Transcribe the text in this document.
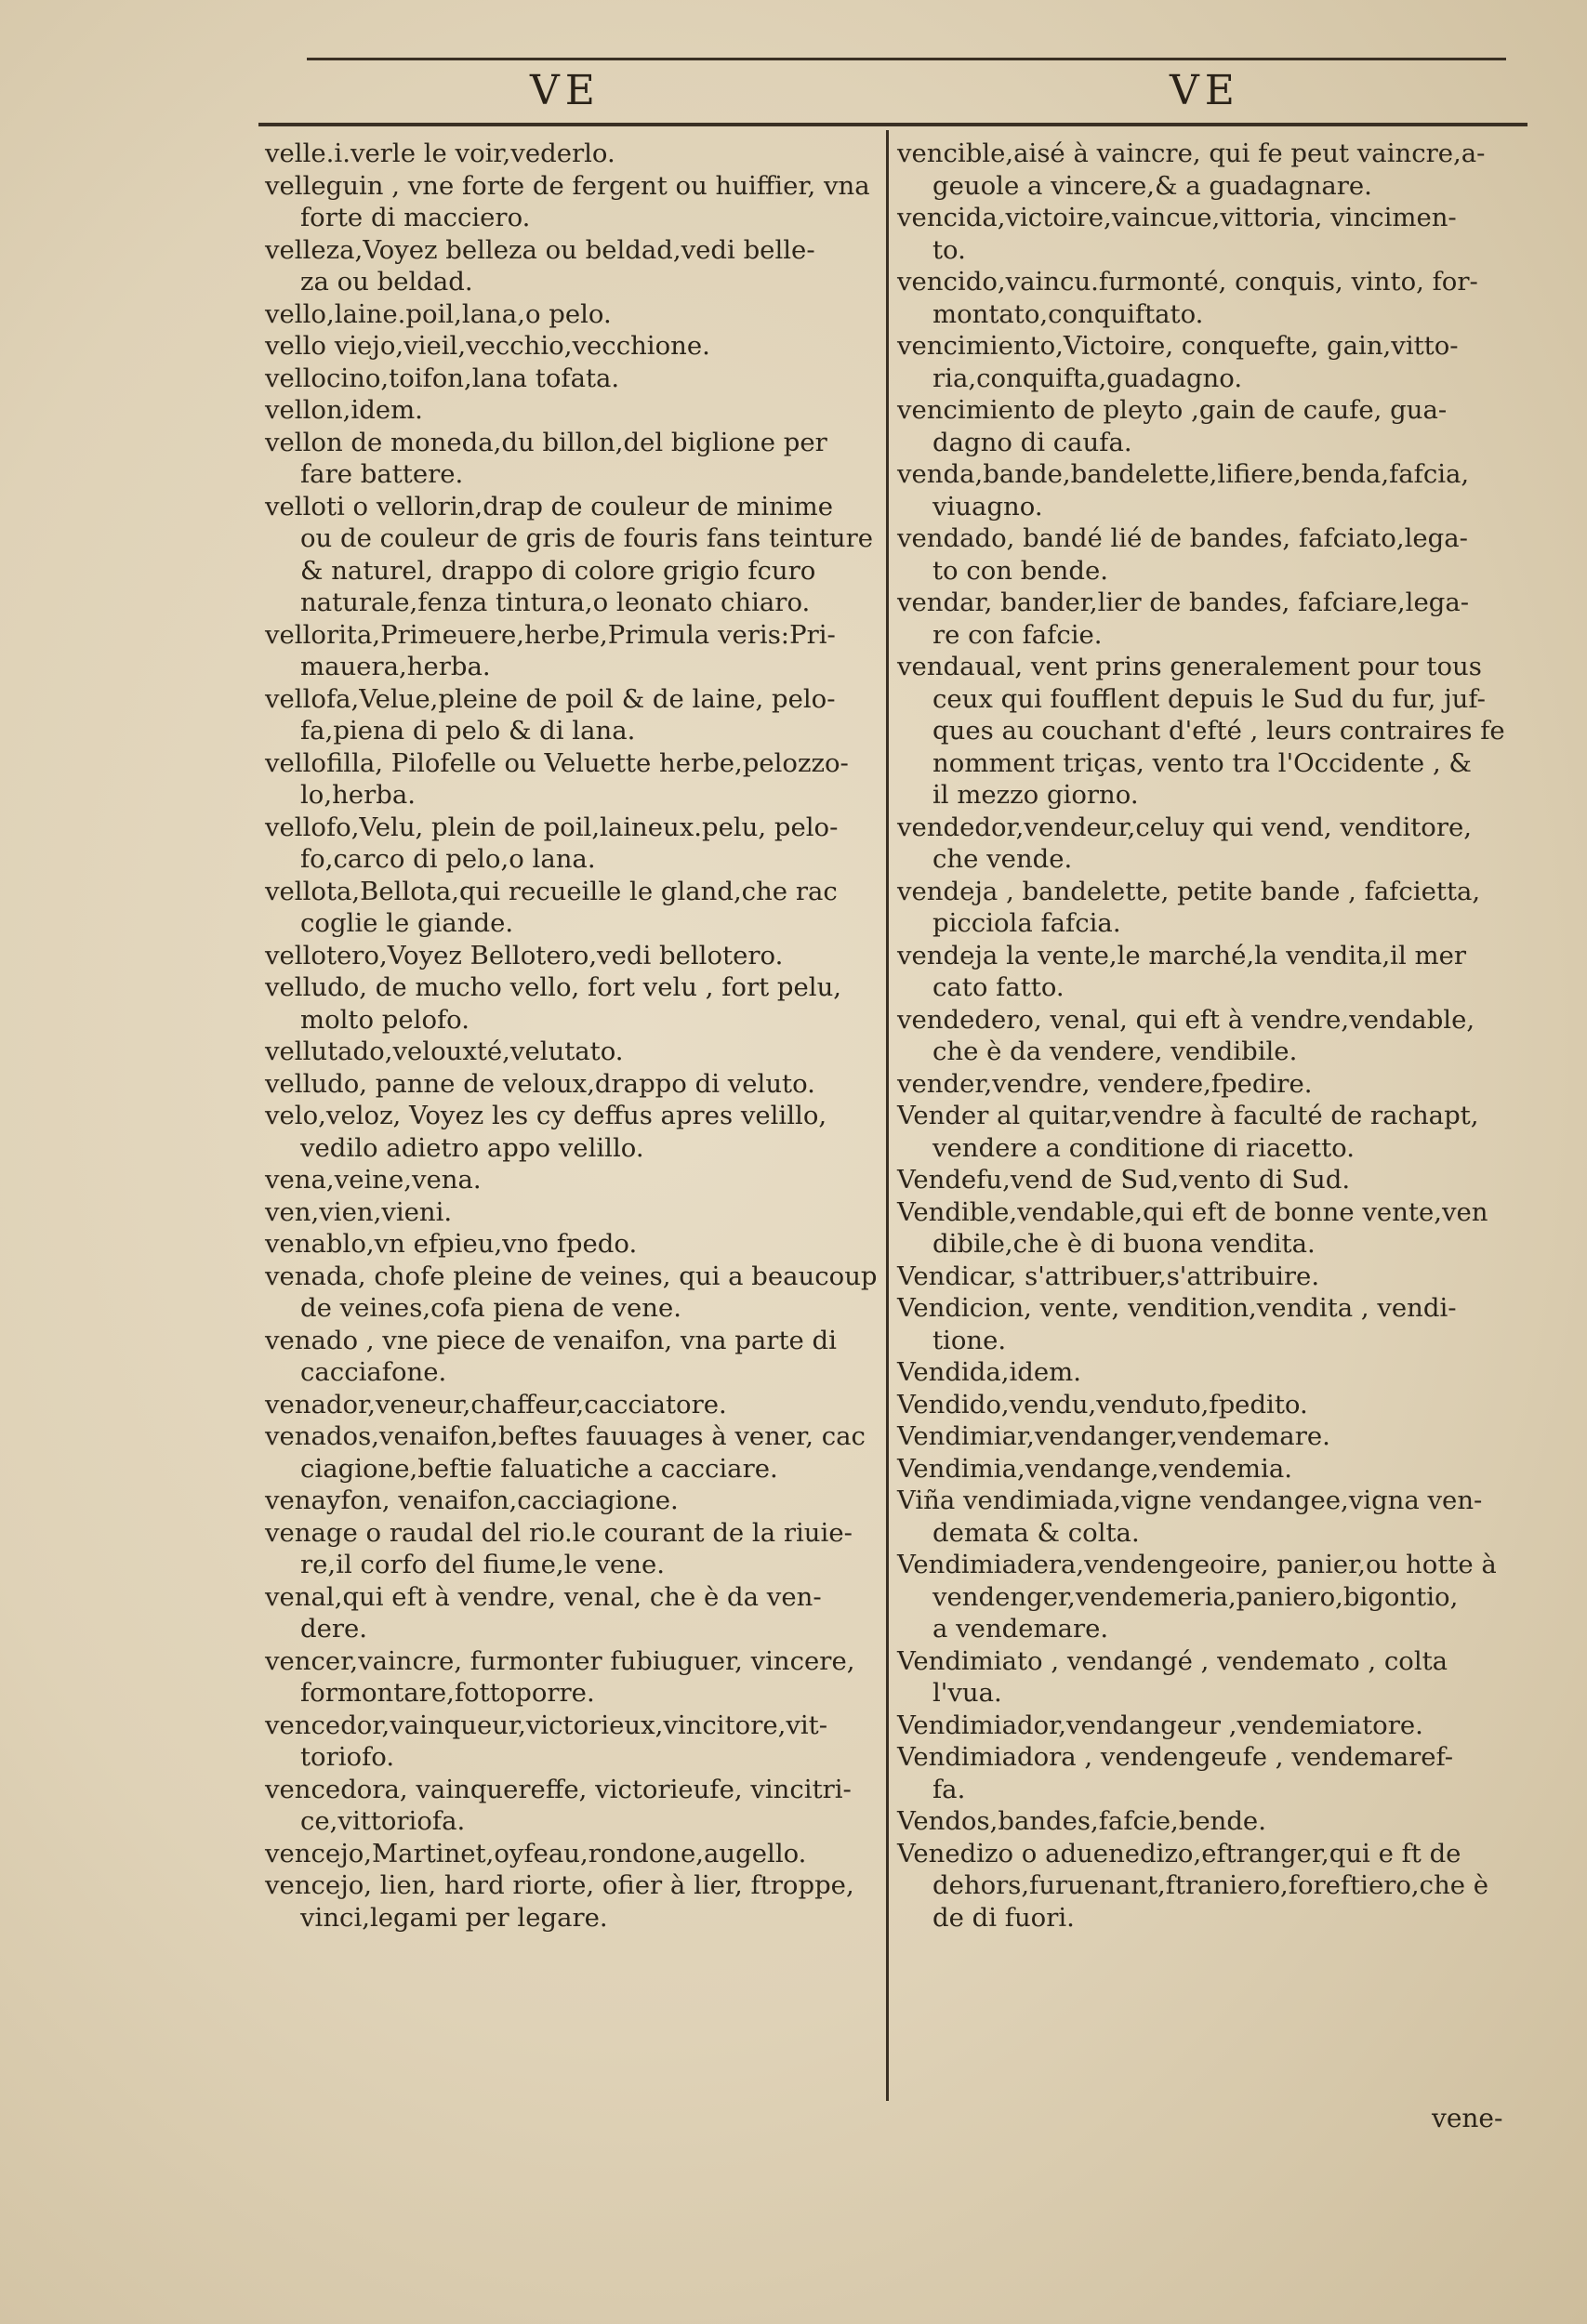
VE	VE
velle.i.verle le voir,vederlo.
velleguin , vne forte de fergent ou huiffier, vna
forte di macciero.
velleza,Voyez belleza ou beldad,vedi belle-
za ou beldad.
vello,laine.poil,lana,o pelo.
vello viejo,vieil,vecchio,vecchione.
vellocino,toifon,lana tofata.
vellon,idem.
vellon de moneda,du billon,del biglione per
fare battere.
velloti o vellorin,drap de couleur de minime
ou de couleur de gris de fouris fans teinture
& naturel, drappo di colore grigio fcuro
naturale,fenza tintura,o leonato chiaro.
vellorita,Primeuere,herbe,Primula veris:Pri-
mauera,herba.
vellofa,Velue,pleine de poil & de laine, pelo-
fa,piena di pelo & di lana.
vellofilla, Pilofelle ou Veluette herbe,pelozzo-
lo,herba.
vellofo,Velu, plein de poil,laineux.pelu, pelo-
fo,carco di pelo,o lana.
vellota,Bellota,qui recueille le gland,che rac
coglie le giande.
vellotero,Voyez Bellotero,vedi bellotero.
velludo, de mucho vello, fort velu , fort pelu,
molto pelofo.
vellutado,velouxté,velutato.
velludo, panne de veloux,drappo di veluto.
velo,veloz, Voyez les cy deffus apres velillo,
vedilo adietro appo velillo.
vena,veine,vena.
ven,vien,vieni.
venablo,vn efpieu,vno fpedo.
venada, chofe pleine de veines, qui a beaucoup
de veines,cofa piena de vene.
venado , vne piece de venaifon, vna parte di
cacciafone.
venador,veneur,chaffeur,cacciatore.
venados,venaifon,beftes fauuages à vener, cac
ciagione,beftie faluatiche a cacciare.
venayfon, venaifon,cacciagione.
venage o raudal del rio.le courant de la riuie-
re,il corfo del fiume,le vene.
venal,qui eft à vendre, venal, che è da ven-
dere.
vencer,vaincre, furmonter fubiuguer, vincere,
formontare,fottoporre.
vencedor,vainqueur,victorieux,vincitore,vit-
toriofo.
vencedora, vainquereffe, victorieufe, vincitri-
ce,vittoriofa.
vencejo,Martinet,oyfeau,rondone,augello.
vencejo, lien, hard riorte, ofier à lier, ftroppe,
vinci,legami per legare.
vencible,aisé à vaincre, qui fe peut vaincre,a-
geuole a vincere,& a guadagnare.
vencida,victoire,vaincue,vittoria, vincimen-
to.
vencido,vaincu.furmonté, conquis, vinto, for-
montato,conquiftato.
vencimiento,Victoire, conquefte, gain,vitto-
ria,conquifta,guadagno.
vencimiento de pleyto ,gain de caufe, gua-
dagno di caufa.
venda,bande,bandelette,lifiere,benda,fafcia,
viuagno.
vendado, bandé lié de bandes, fafciato,lega-
to con bende.
vendar, bander,lier de bandes, fafciare,lega-
re con fafcie.
vendaual, vent prins generalement pour tous
ceux qui foufflent depuis le Sud du fur, juf-
ques au couchant d'efté , leurs contraires fe
nomment triças, vento tra l'Occidente , &
il mezzo giorno.
vendedor,vendeur,celuy qui vend, venditore,
che vende.
vendeja , bandelette, petite bande , fafcietta,
picciola fafcia.
vendeja la vente,le marché,la vendita,il mer
cato fatto.
vendedero, venal, qui eft à vendre,vendable,
che è da vendere, vendibile.
vender,vendre, vendere,fpedire.
Vender al quitar,vendre à faculté de rachapt,
vendere a conditione di riacetto.
Vendefu,vend de Sud,vento di Sud.
Vendible,vendable,qui eft de bonne vente,ven
dibile,che è di buona vendita.
Vendicar, s'attribuer,s'attribuire.
Vendicion, vente, vendition,vendita , vendi-
tione.
Vendida,idem.
Vendido,vendu,venduto,fpedito.
Vendimiar,vendanger,vendemare.
Vendimia,vendange,vendemia.
Viña vendimiada,vigne vendangee,vigna ven-
demata & colta.
Vendimiadera,vendengeoire, panier,ou hotte à
vendenger,vendemeria,paniero,bigontio,
a vendemare.
Vendimiato , vendangé , vendemato , colta
l'vua.
Vendimiador,vendangeur ,vendemiatore.
Vendimiadora , vendengeufe , vendemaref-
fa.
Vendos,bandes,fafcie,bende.
Venedizo o aduenedizo,eftranger,qui e ft de
dehors,furuenant,ftraniero,foreftiero,che è
de di fuori.
vene-
